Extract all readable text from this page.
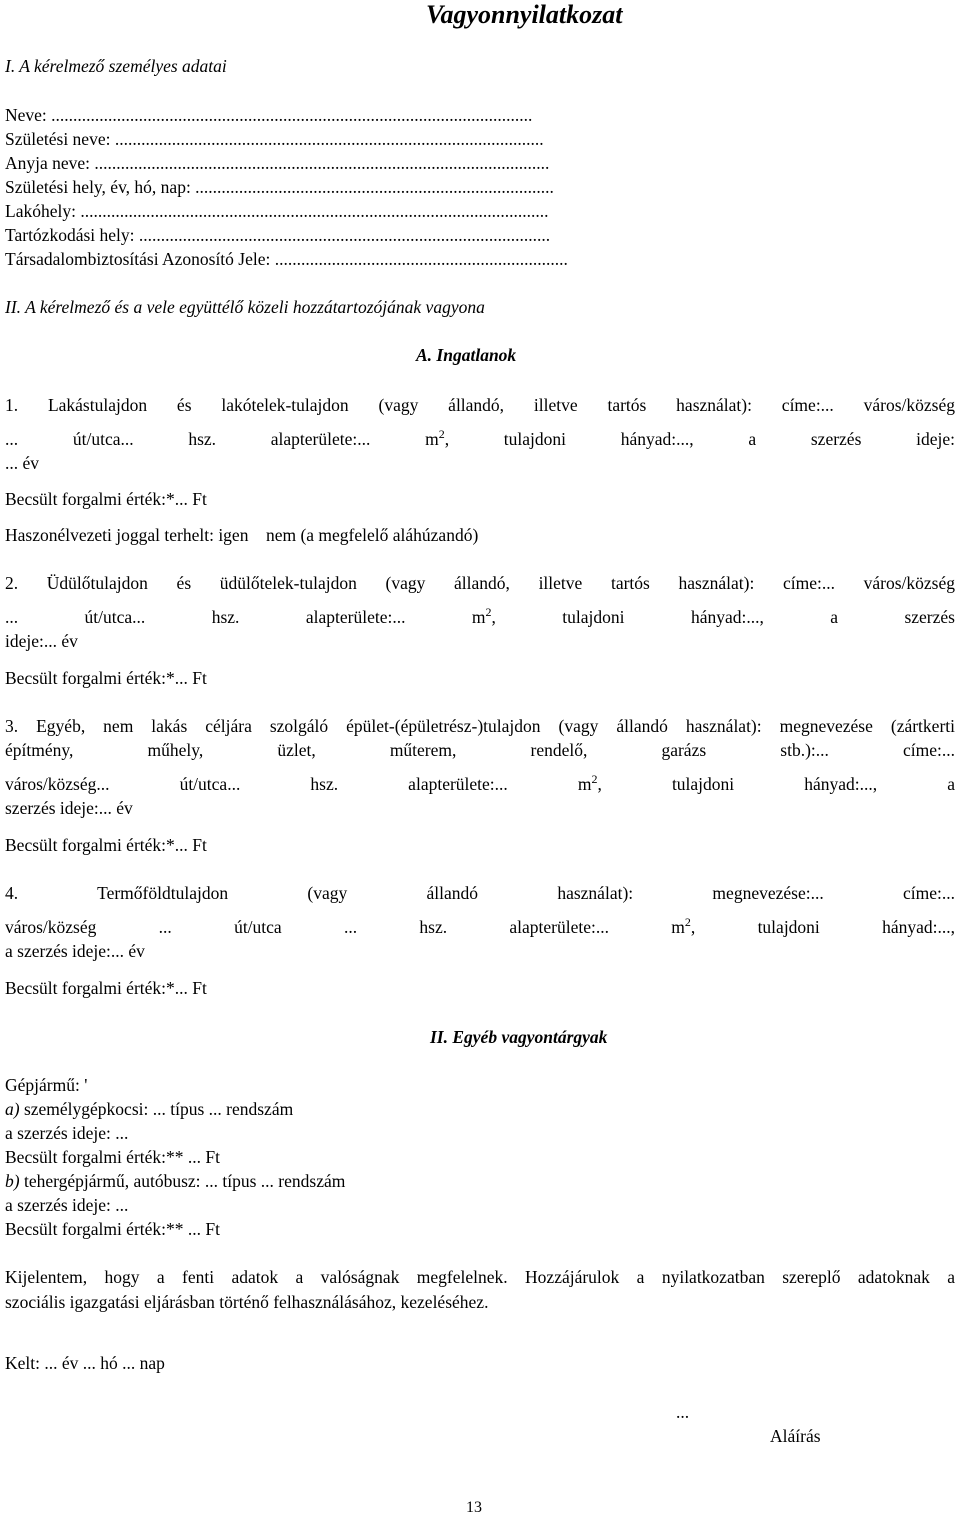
Vagyonnyilatkozat
I. A kérelmező személyes adatai
Neve: ..............................................................................................................
Születési neve: ..................................................................................................
Anyja neve: ........................................................................................................
Születési hely, év, hó, nap: ..................................................................................
Lakóhely: ...........................................................................................................
Tartózkodási hely: ..............................................................................................
Társadalombiztosítási Azonosító Jele: ...................................................................
II. A kérelmező és a vele együttélő közeli hozzátartozójának vagyona
A. Ingatlanok
1. Lakástulajdon és lakótelek-tulajdon (vagy állandó, illetve tartós használat): címe:... város/község
... út/utca... hsz. alapterülete:... $m^2$, tulajdoni hányad:..., a szerzés ideje:
... év
Becsült forgalmi érték:*... Ft
Haszonélvezeti joggal terhelt: igen    nem (a megfelelő aláhúzandó)
2. Üdülőtulajdon és üdülőtelek-tulajdon (vagy állandó, illetve tartós használat): címe:... város/község
... út/utca... hsz. alapterülete:... $m^2$, tulajdoni hányad:..., a szerzés
ideje:... év
Becsült forgalmi érték:*... Ft
3. Egyéb, nem lakás céljára szolgáló épület-(épületrész-)tulajdon (vagy állandó használat): megnevezése (zártkerti
építmény, műhely, üzlet, műterem, rendelő, garázs stb.):... címe:...
város/község... út/utca... hsz. alapterülete:... $m^2$, tulajdoni hányad:..., a
szerzés ideje:... év
Becsült forgalmi érték:*... Ft
4. Termőföldtulajdon (vagy állandó használat): megnevezése:... címe:...
város/község ... út/utca ... hsz. alapterülete:... $m^2$, tulajdoni hányad:...,
a szerzés ideje:... év
Becsült forgalmi érték:*... Ft
II. Egyéb vagyontárgyak
Gépjármű: '
a) személygépkocsi: ... típus ... rendszám
a szerzés ideje: ...
Becsült forgalmi érték:** ... Ft
b) tehergépjármű, autóbusz: ... típus ... rendszám
a szerzés ideje: ...
Becsült forgalmi érték:** ... Ft
Kijelentem, hogy a fenti adatok a valóságnak megfelelnek. Hozzájárulok a nyilatkozatban szereplő adatoknak a
szociális igazgatási eljárásban történő felhasználásához, kezeléséhez.
Kelt: ... év ... hó ... nap
...
Aláírás
13
